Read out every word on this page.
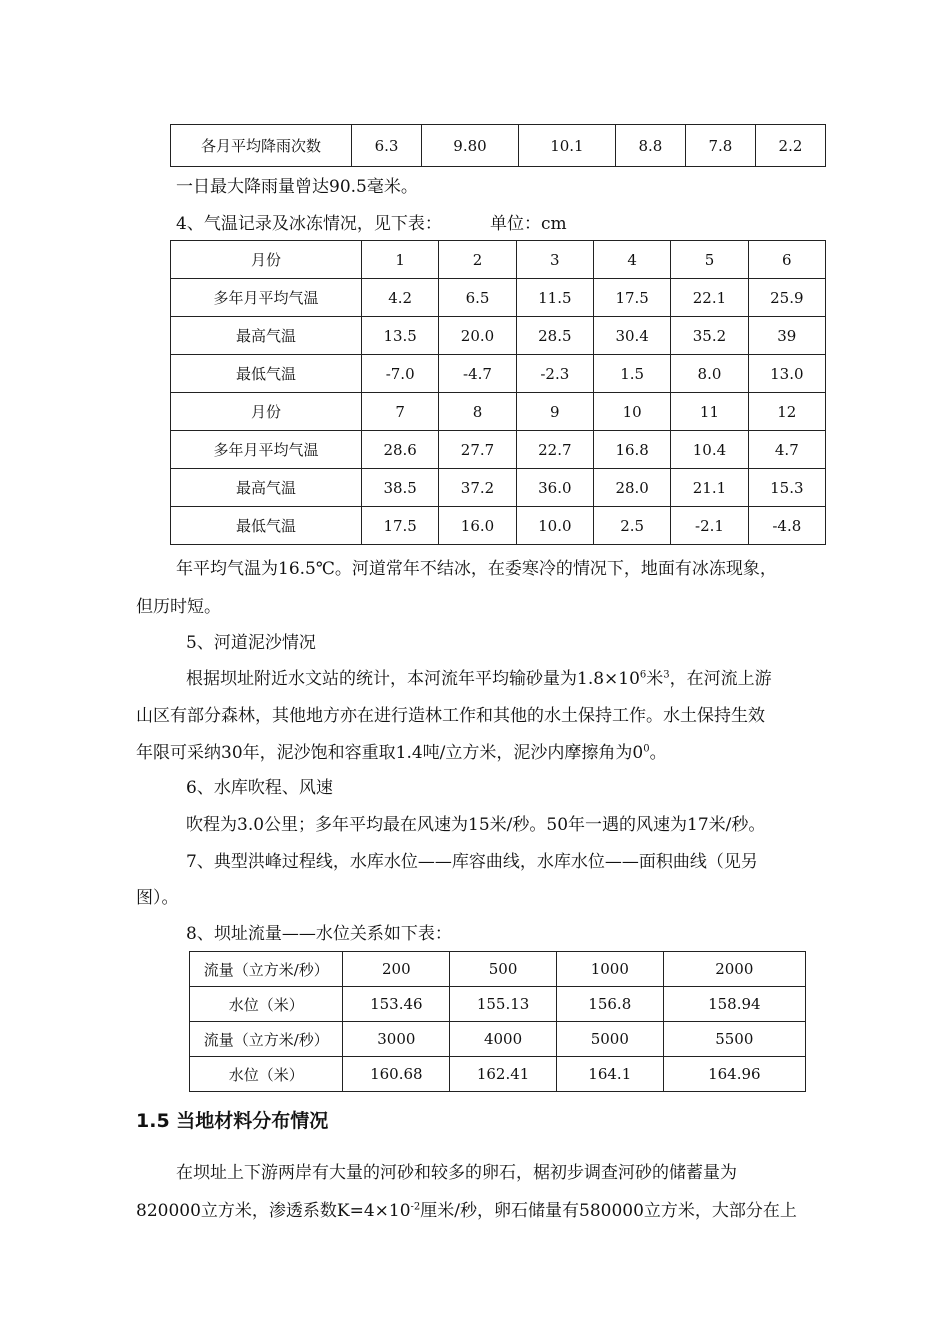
各月平均降雨次数	6.3	9.80	10.1	8.8	7.8	2.2
一日最大降雨量曾达90.5毫米。
4、气温记录及冰冻情况，见下表：	单位：cm
月份	1	2	3	4	5	6
多年月平均气温	4.2	6.5	11.5	17.5	22.1	25.9
最高气温	13.5	20.0	28.5	30.4	35.2	39
最低气温	-7.0	-4.7	-2.3	1.5	8.0	13.0
月份	7	8	9	10	11	12
多年月平均气温	28.6	27.7	22.7	16.8	10.4	4.7
最高气温	38.5	37.2	36.0	28.0	21.1	15.3
最低气温	17.5	16.0	10.0	2.5	-2.1	-4.8
年平均气温为16.5℃。河道常年不结冰，在委寒冷的情况下，地面有冰冻现象，
但历时短。
5、河道泥沙情况
根据坝址附近水文站的统计，本河流年平均输砂量为$1.8\times 10^6$米$^3$，在河流上游
山区有部分森林，其他地方亦在进行造林工作和其他的水土保持工作。水土保持生效
年限可采纳30年，泥沙饱和容重取1.4吨/立方米，泥沙内摩擦角为$0^0$。
6、水库吹程、风速
吹程为3.0公里；多年平均最在风速为15米/秒。50年一遇的风速为17米/秒。
7、典型洪峰过程线，水库水位——库容曲线，水库水位——面积曲线（见另
图）。
8、坝址流量——水位关系如下表：
流量（立方米/秒）	200	500	1000	2000
水位（米）	153.46	155.13	156.8	158.94
流量（立方米/秒）	3000	4000	5000	5500
水位（米）	160.68	162.41	164.1	164.96
1.5 当地材料分布情况
在坝址上下游两岸有大量的河砂和较多的卵石，椐初步调查河砂的储蓄量为
820000立方米，渗透系数$K=4\times 10^{-2}$厘米/秒，卵石储量有580000立方米，大部分在上
